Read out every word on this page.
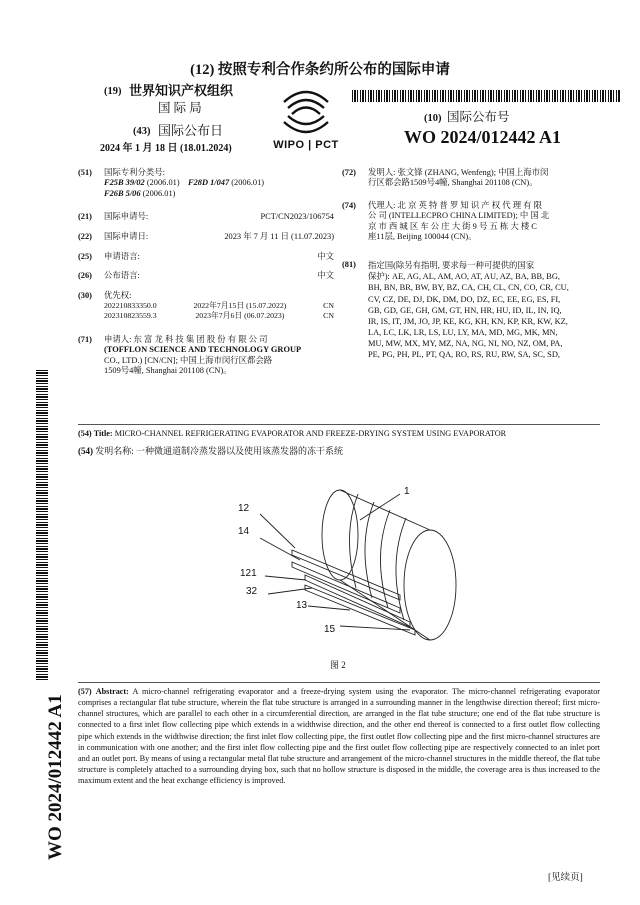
(12) 按照专利合作条约所公布的国际申请
(19) 世界知识产权组织
国 际 局
(43) 国际公布日
2024 年 1 月 18 日 (18.01.2024)	WIPO | PCT
(10) 国际公布号
WO 2024/012442 A1
(51)	国际专利分类号:
F25B 39/02 (2006.01) F28D 1/047 (2006.01)
F26B 5/06 (2006.01)
(21)	国际申请号:	PCT/CN2023/106754
(22)	国际申请日:	2023 年 7 月 11 日 (11.07.2023)
(25)	申请语言:	中文
(26)	公布语言:	中文
(30)	优先权:
202210833350.0	2022年7月15日 (15.07.2022)	CN
202310823559.3	2023年7月6日 (06.07.2023)	CN
(71)	申请人: 东 富 龙 科 技 集 团 股 份 有 限 公 司
(TOFFLON SCIENCE AND TECHNOLOGY GROUP
CO., LTD.) [CN/CN]; 中国上海市闵行区都会路
1509号4幢, Shanghai 201108 (CN)。
(72)	发明人: 张文锋 (ZHANG, Wenfeng); 中国上海市闵
行区都会路1509号4幢, Shanghai 201108 (CN)。
(74)	代理人: 北 京 英 特 普 罗 知 识 产 权 代 理 有 限
公 司 (INTELLECPRO CHINA LIMITED); 中 国 北
京 市 西 城 区 车 公 庄 大 街 9 号 五 栋 大 楼 C
座11层, Beijing 100044 (CN)。
(81)	指定国(除另有指明, 要求每一种可提供的国家
保护): AE, AG, AL, AM, AO, AT, AU, AZ, BA, BB, BG,
BH, BN, BR, BW, BY, BZ, CA, CH, CL, CN, CO, CR, CU,
CV, CZ, DE, DJ, DK, DM, DO, DZ, EC, EE, EG, ES, FI,
GB, GD, GE, GH, GM, GT, HN, HR, HU, ID, IL, IN, IQ,
IR, IS, IT, JM, JO, JP, KE, KG, KH, KN, KP, KR, KW, KZ,
LA, LC, LK, LR, LS, LU, LY, MA, MD, MG, MK, MN,
MU, MW, MX, MY, MZ, NA, NG, NI, NO, NZ, OM, PA,
PE, PG, PH, PL, PT, QA, RO, RS, RU, RW, SA, SC, SD,
WO 2024/012442 A1
(54) Title: MICRO-CHANNEL REFRIGERATING EVAPORATOR AND FREEZE-DRYING SYSTEM USING EVAPORATOR
(54) 发明名称: 一种微通道制冷蒸发器以及使用该蒸发器的冻干系统
12
14
1
121
32
13
15
图 2
(57) Abstract: A micro-channel refrigerating evaporator and a freeze-drying system using the evaporator. The micro-channel refrigerating evaporator comprises a rectangular flat tube structure, wherein the flat tube structure is arranged in a surrounding manner in the lengthwise direction thereof; first micro-channel structures, which are parallel to each other in a circumferential direction, are arranged in the flat tube structure; one end of the flat tube structure is connected to a first inlet flow collecting pipe which extends in a widthwise direction, and the other end thereof is connected to a first outlet flow collecting pipe which extends in the widthwise direction; the first inlet flow collecting pipe, the first outlet flow collecting pipe and the first micro-channel structures are in communication with one another; and the first inlet flow collecting pipe and the first outlet flow collecting pipe are respectively connected to an inlet port and an outlet port. By means of using a rectangular metal flat tube structure and arrangement of the micro-channel structures in the middle thereof, the flat tube structure is completely attached to a surrounding drying box, such that no hollow structure is disposed in the middle, the coverage area is thus increased to the maximum extent and the heat exchange efficiency is improved.
[见续页]
